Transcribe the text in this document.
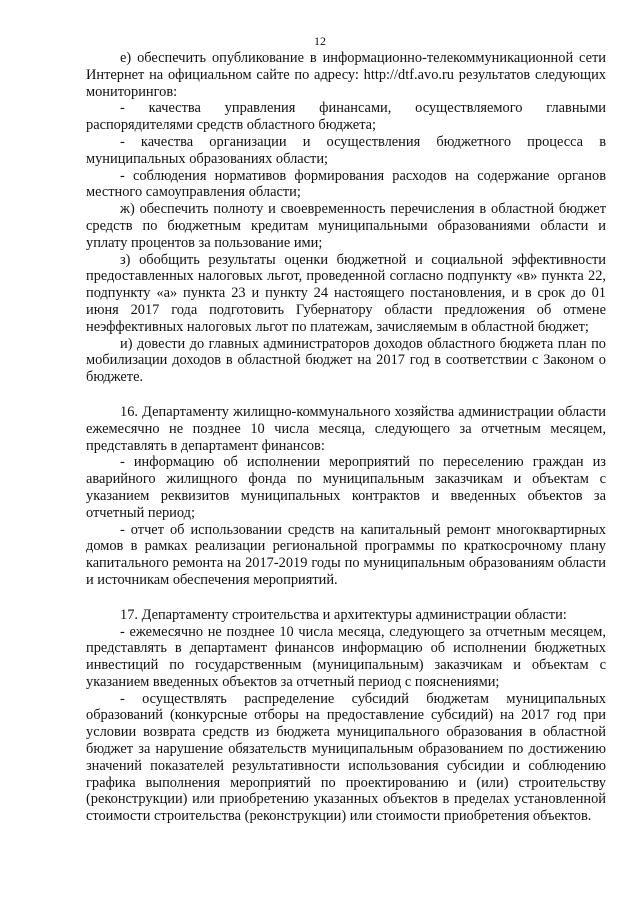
12

е) обеспечить опубликование в информационно-телекоммуникационной сети Интернет на официальном сайте по адресу: http://dtf.avo.ru результатов следующих мониторингов:

- качества управления финансами, осуществляемого главными распорядителями средств областного бюджета;

- качества организации и осуществления бюджетного процесса в муниципальных образованиях области;

- соблюдения нормативов формирования расходов на содержание органов местного самоуправления области;

ж) обеспечить полноту и своевременность перечисления в областной бюджет средств по бюджетным кредитам муниципальными образованиями области и уплату процентов за пользование ими;

з) обобщить результаты оценки бюджетной и социальной эффективности предоставленных налоговых льгот, проведенной согласно подпункту «в» пункта 22, подпункту «а» пункта 23 и пункту 24 настоящего постановления, и в срок до 01 июня 2017 года подготовить Губернатору области предложения об отмене неэффективных налоговых льгот по платежам, зачисляемым в областной бюджет;

и) довести до главных администраторов доходов областного бюджета план по мобилизации доходов в областной бюджет на 2017 год в соответствии с Законом о бюджете.

16. Департаменту жилищно-коммунального хозяйства администрации области ежемесячно не позднее 10 числа месяца, следующего за отчетным месяцем, представлять в департамент финансов:

- информацию об исполнении мероприятий по переселению граждан из аварийного жилищного фонда по муниципальным заказчикам и объектам с указанием реквизитов муниципальных контрактов и введенных объектов за отчетный период;

- отчет об использовании средств на капитальный ремонт многоквартирных домов в рамках реализации региональной программы по краткосрочному плану капитального ремонта на 2017-2019 годы по муниципальным образованиям области и источникам обеспечения мероприятий.

17. Департаменту строительства и архитектуры администрации области:

- ежемесячно не позднее 10 числа месяца, следующего за отчетным месяцем, представлять в департамент финансов информацию об исполнении бюджетных инвестиций по государственным (муниципальным) заказчикам и объектам с указанием введенных объектов за отчетный период с пояснениями;

- осуществлять распределение субсидий бюджетам муниципальных образований (конкурсные отборы на предоставление субсидий) на 2017 год при условии возврата средств из бюджета муниципального образования в областной бюджет за нарушение обязательств муниципальным образованием по достижению значений показателей результативности использования субсидии и соблюдению графика выполнения мероприятий по проектированию и (или) строительству (реконструкции) или приобретению указанных объектов в пределах установленной стоимости строительства (реконструкции) или стоимости приобретения объектов.
